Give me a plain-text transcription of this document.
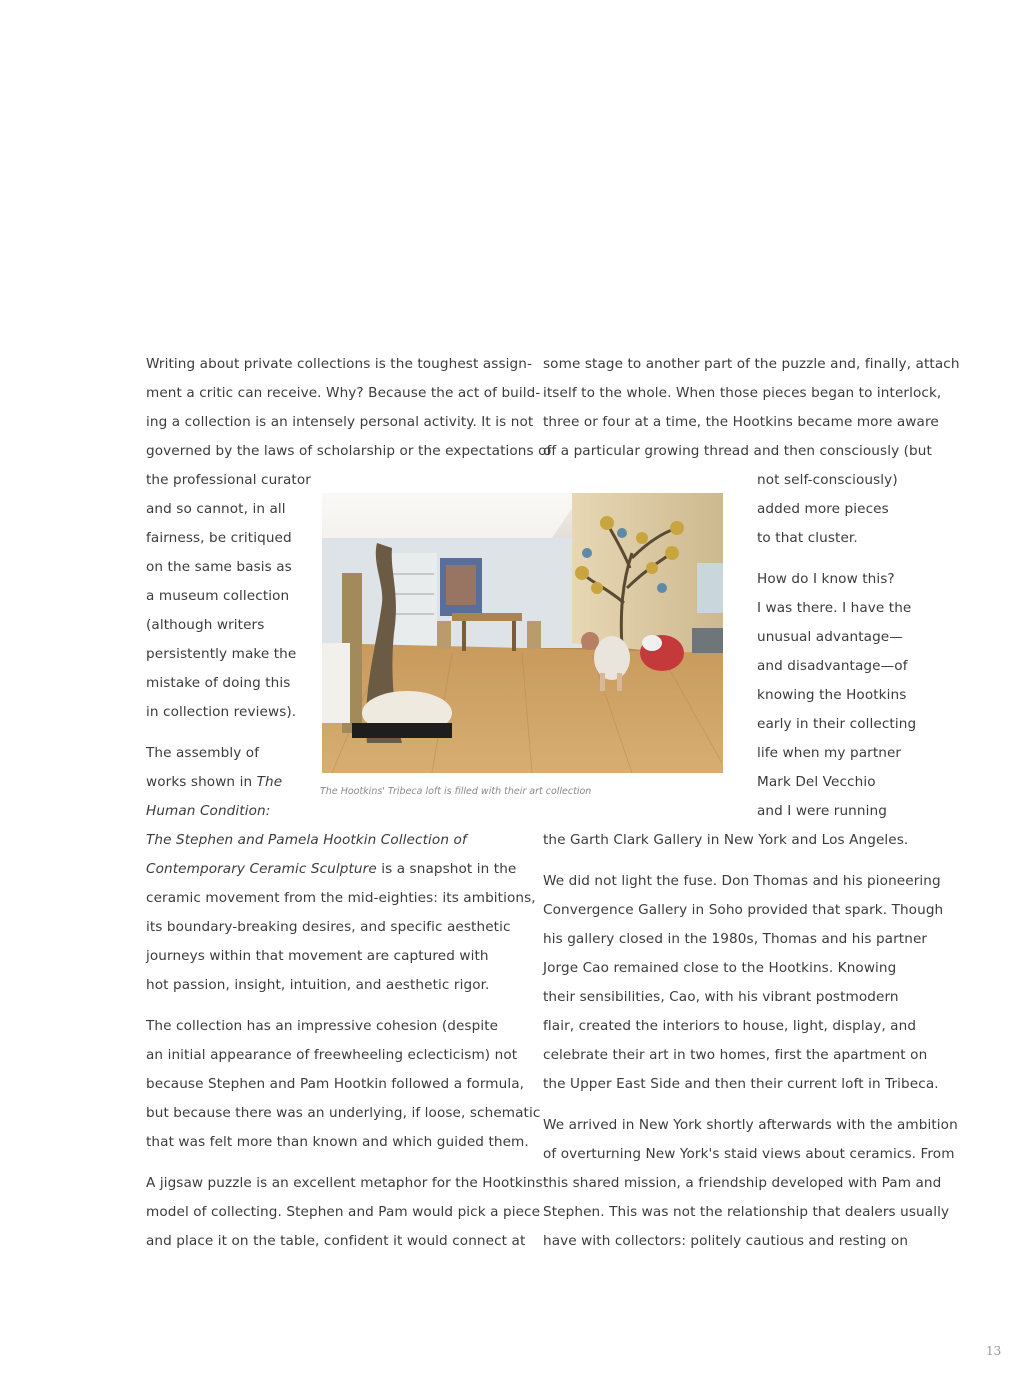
Writing about private collections is the toughest assign-
ment a critic can receive. Why? Because the act of build-
ing a collection is an intensely personal activity. It is not
governed by the laws of scholarship or the expectations of
the professional curator
and so cannot, in all
fairness, be critiqued
on the same basis as
a museum collection
(although writers
persistently make the
mistake of doing this
in collection reviews).
The assembly of
works shown in The
Human Condition:
The Stephen and Pamela Hootkin Collection of
Contemporary Ceramic Sculpture is a snapshot in the
ceramic movement from the mid-eighties: its ambitions,
its boundary-breaking desires, and specific aesthetic
journeys within that movement are captured with
hot passion, insight, intuition, and aesthetic rigor.
The collection has an impressive cohesion (despite
an initial appearance of freewheeling eclecticism) not
because Stephen and Pam Hootkin followed a formula,
but because there was an underlying, if loose, schematic
that was felt more than known and which guided them.
A jigsaw puzzle is an excellent metaphor for the Hootkins'
model of collecting. Stephen and Pam would pick a piece
and place it on the table, confident it would connect at
some stage to another part of the puzzle and, finally, attach
itself to the whole. When those pieces began to interlock,
three or four at a time, the Hootkins became more aware
of a particular growing thread and then consciously (but
not self-consciously)
added more pieces
to that cluster.
How do I know this?
I was there. I have the
unusual advantage—
and disadvantage—of
knowing the Hootkins
early in their collecting
life when my partner
Mark Del Vecchio
and I were running
the Garth Clark Gallery in New York and Los Angeles.
We did not light the fuse. Don Thomas and his pioneering
Convergence Gallery in Soho provided that spark. Though
his gallery closed in the 1980s, Thomas and his partner
Jorge Cao remained close to the Hootkins. Knowing
their sensibilities, Cao, with his vibrant postmodern
flair, created the interiors to house, light, display, and
celebrate their art in two homes, first the apartment on
the Upper East Side and then their current loft in Tribeca.
We arrived in New York shortly afterwards with the ambition
of overturning New York's staid views about ceramics. From
this shared mission, a friendship developed with Pam and
Stephen. This was not the relationship that dealers usually
have with collectors: politely cautious and resting on
The Hootkins' Tribeca loft is filled with their art collection
13
